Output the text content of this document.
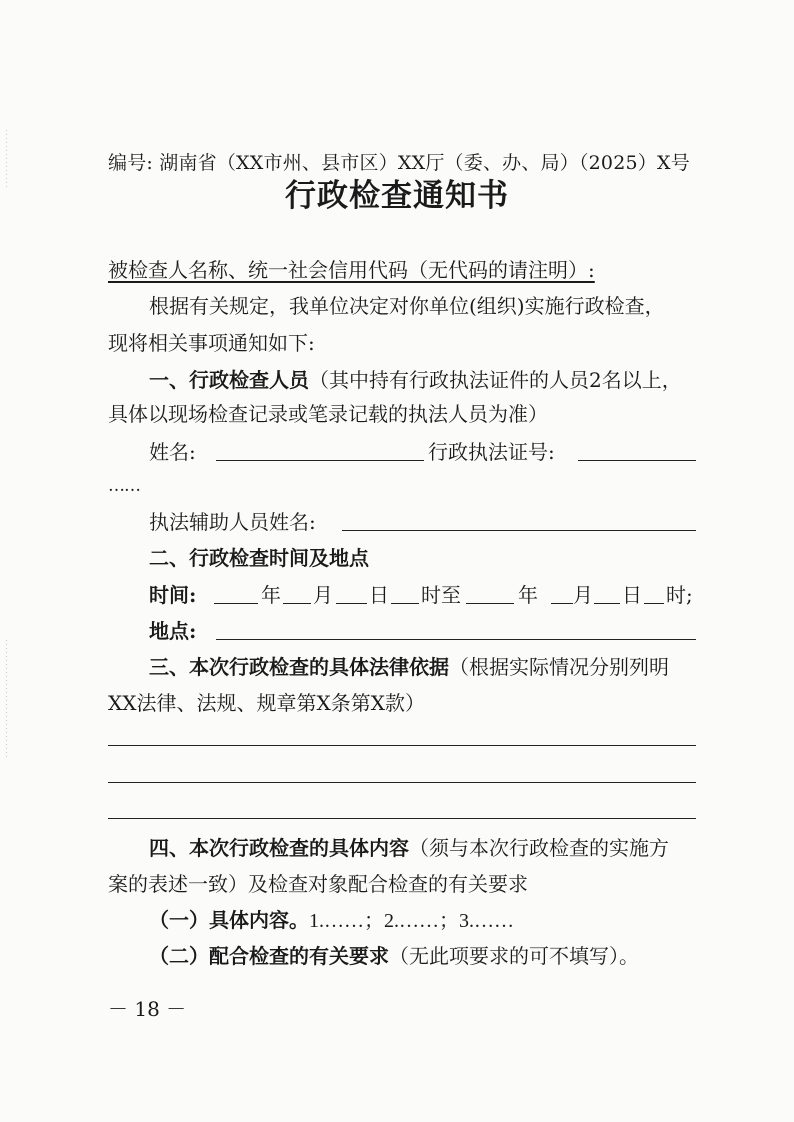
编号: 湖南省（XX市州、县市区）XX厅（委、办、局）（2025）X号
行政检查通知书
被检查人名称、统一社会信用代码（无代码的请注明）:
根据有关规定，我单位决定对你单位(组织)实施行政检查，
现将相关事项通知如下:
一、行政检查人员（其中持有行政执法证件的人员2名以上，
具体以现场检查记录或笔录记载的执法人员为准）
姓名:	行政执法证号:
……
执法辅助人员姓名:
二、行政检查时间及地点
时间:	年 月 日 时至	年 月 日 时;
地点:
三、本次行政检查的具体法律依据（根据实际情况分别列明
XX法律、法规、规章第X条第X款）
四、本次行政检查的具体内容（须与本次行政检查的实施方
案的表述一致）及检查对象配合检查的有关要求
（一）具体内容。1.……；2.……；3.……
（二）配合检查的有关要求（无此项要求的可不填写）。
－ 18 －
